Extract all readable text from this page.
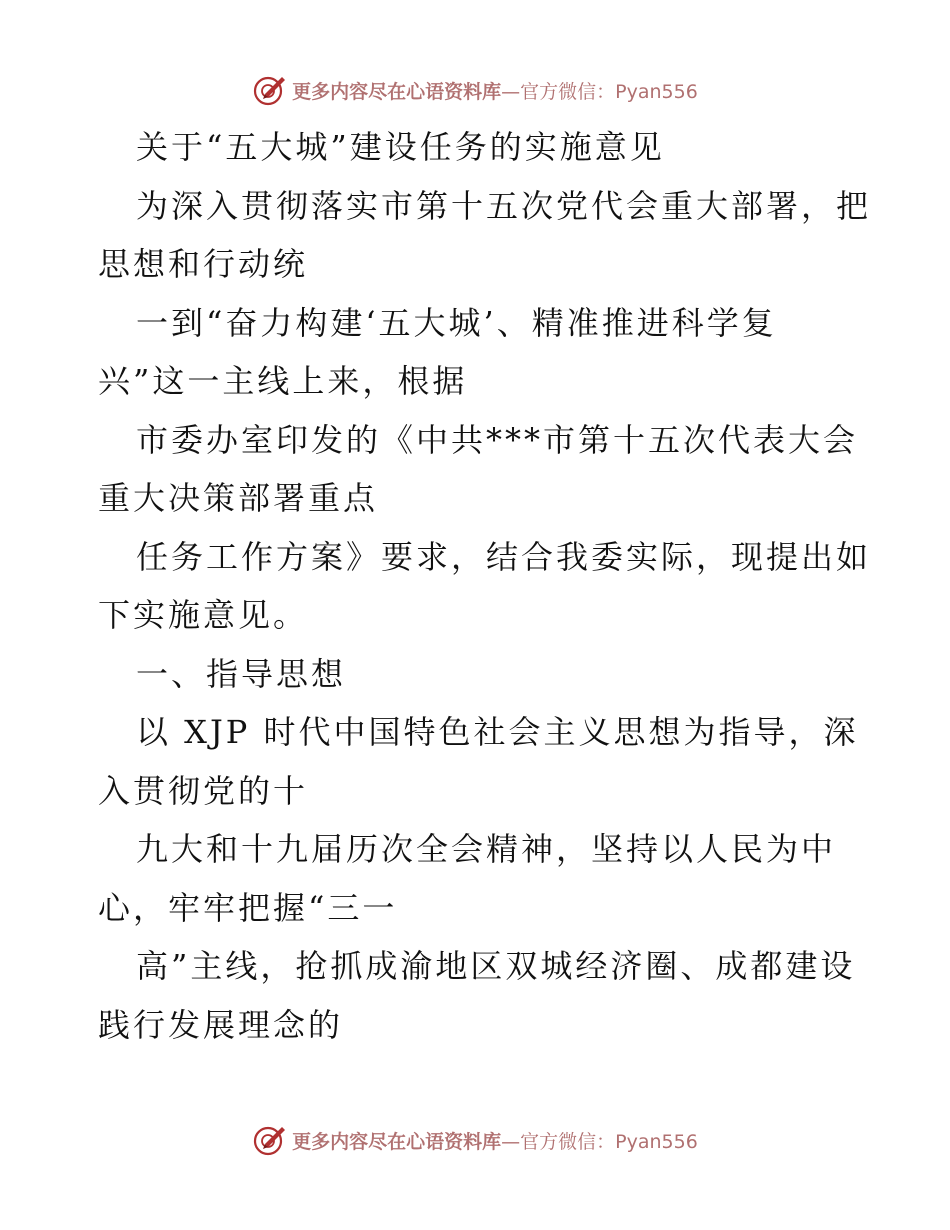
更多内容尽在心语资料库 —官方微信：Pyan556
关于“五大城”建设任务的实施意见
为深入贯彻落实市第十五次党代会重大部署，把
思想和行动统
一到“奋力构建‘五大城’、精准推进科学复
兴”这一主线上来，根据
市委办室印发的《中共***市第十五次代表大会
重大决策部署重点
任务工作方案》要求，结合我委实际，现提出如
下实施意见。
一、指导思想
以 XJP 时代中国特色社会主义思想为指导，深
入贯彻党的十
九大和十九届历次全会精神，坚持以人民为中
心，牢牢把握“三一
高”主线，抢抓成渝地区双城经济圈、成都建设
践行发展理念的
更多内容尽在心语资料库 —官方微信：Pyan556
